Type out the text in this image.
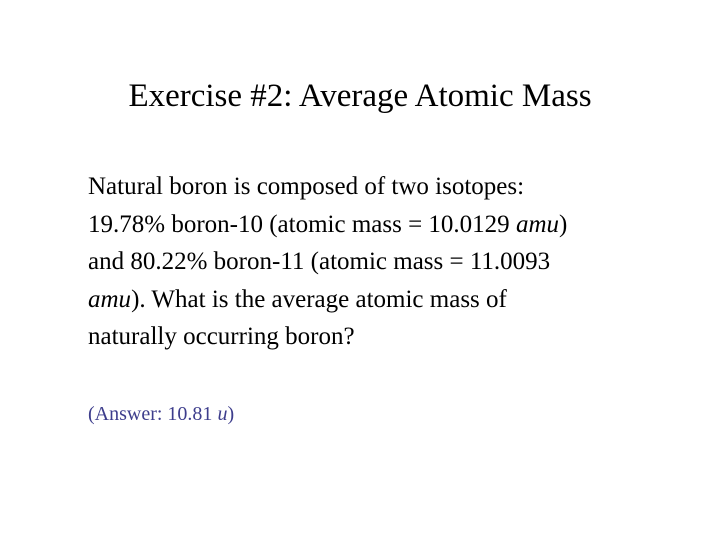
Exercise #2: Average Atomic Mass
Natural boron is composed of two isotopes:
19.78% boron-10 (atomic mass = 10.0129 amu)
and 80.22% boron-11 (atomic mass = 11.0093
amu). What is the average atomic mass of
naturally occurring boron?
(Answer: 10.81 u)
